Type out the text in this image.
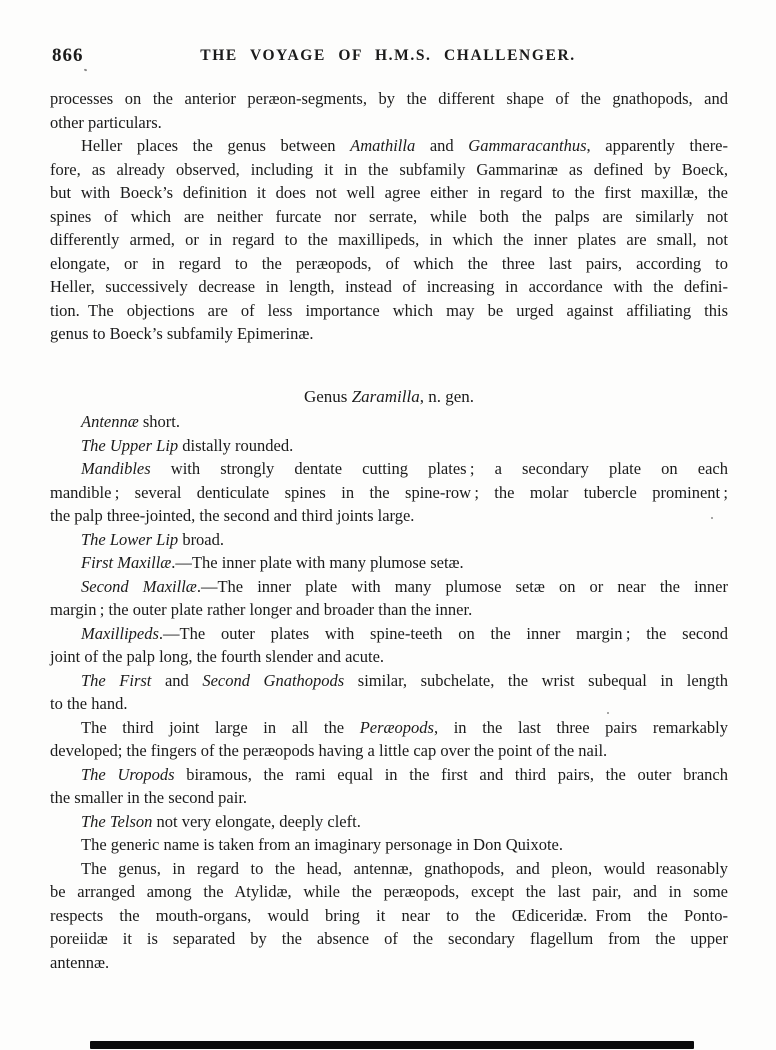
866	THE VOYAGE OF H.M.S. CHALLENGER.
processes on the anterior peræon-segments, by the different shape of the gnathopods, and
other particulars.
Heller places the genus between Amathilla and Gammaracanthus, apparently there-
fore, as already observed, including it in the subfamily Gammarinæ as defined by Boeck,
but with Boeck’s definition it does not well agree either in regard to the first maxillæ, the
spines of which are neither furcate nor serrate, while both the palps are similarly not
differently armed, or in regard to the maxillipeds, in which the inner plates are small, not
elongate, or in regard to the peræopods, of which the three last pairs, according to
Heller, successively decrease in length, instead of increasing in accordance with the defini-
tion. The objections are of less importance which may be urged against affiliating this
genus to Boeck’s subfamily Epimerinæ.
Genus Zaramilla, n. gen.
Antennæ short.
The Upper Lip distally rounded.
Mandibles with strongly dentate cutting plates ; a secondary plate on each
mandible ; several denticulate spines in the spine-row ; the molar tubercle prominent ;
the palp three-jointed, the second and third joints large.
The Lower Lip broad.
First Maxillæ.—The inner plate with many plumose setæ.
Second Maxillæ.—The inner plate with many plumose setæ on or near the inner
margin ; the outer plate rather longer and broader than the inner.
Maxillipeds.—The outer plates with spine-teeth on the inner margin ; the second
joint of the palp long, the fourth slender and acute.
The First and Second Gnathopods similar, subchelate, the wrist subequal in length
to the hand.
The third joint large in all the Peræopods, in the last three pairs remarkably
developed; the fingers of the peræopods having a little cap over the point of the nail.
The Uropods biramous, the rami equal in the first and third pairs, the outer branch
the smaller in the second pair.
The Telson not very elongate, deeply cleft.
The generic name is taken from an imaginary personage in Don Quixote.
The genus, in regard to the head, antennæ, gnathopods, and pleon, would reasonably
be arranged among the Atylidæ, while the peræopods, except the last pair, and in some
respects the mouth-organs, would bring it near to the Œdiceridæ. From the Ponto-
poreiidæ it is separated by the absence of the secondary flagellum from the upper
antennæ.
